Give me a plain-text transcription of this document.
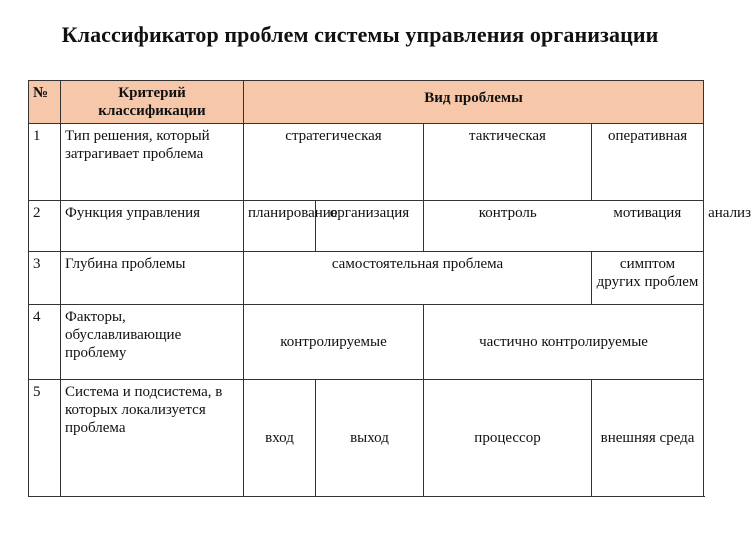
Классификатор проблем системы управления организации
№	Критерий классификации	Вид проблемы				
1	Тип решения, который затрагивает проблема	стратегическая		тактическая	оперативная	
2	Функция управления	планирование	организация	контроль	мотивация	анализ
3	Глубина проблемы	самостоятельная проблема			симптом других проблем	
4	Факторы, обуславливающие проблему	контролируемые		частично контролируемые		
5	Система и подсистема, в которых локализуется проблема	вход	выход	процессор	внешняя среда	
